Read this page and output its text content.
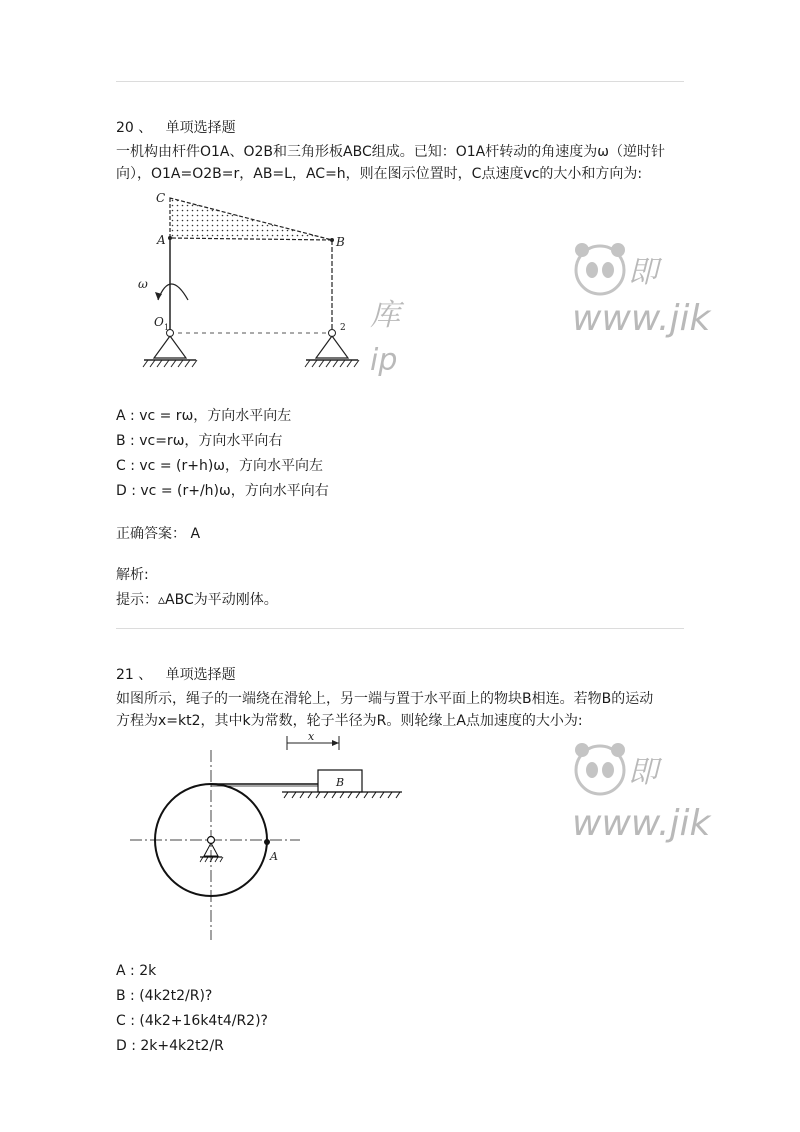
20 、 单项选择题
一机构由杆件O1A、O2B和三角形板ABC组成。已知：O1A杆转动的角速度为ω（逆时针
向），O1A=O2B=r，AB=L，AC=h，则在图示位置时，C点速度vc的大小和方向为:
C
A	B
ω
O 1	2 库
ip
即
www.jik
A : vc = rω，方向水平向左
B : vc=rω，方向水平向右
C : vc = (r+h)ω，方向水平向左
D : vc = (r+/h)ω，方向水平向右
正确答案： A
解析:
提示：▵ABC为平动刚体。
21 、 单项选择题
如图所示，绳子的一端绕在滑轮上，另一端与置于水平面上的物块B相连。若物B的运动
方程为x=kt2，其中k为常数，轮子半径为R。则轮缘上A点加速度的大小为:
x
B
A
即
www.jik
A : 2k
B : (4k2t2/R)?
C : (4k2+16k4t4/R2)?
D : 2k+4k2t2/R
